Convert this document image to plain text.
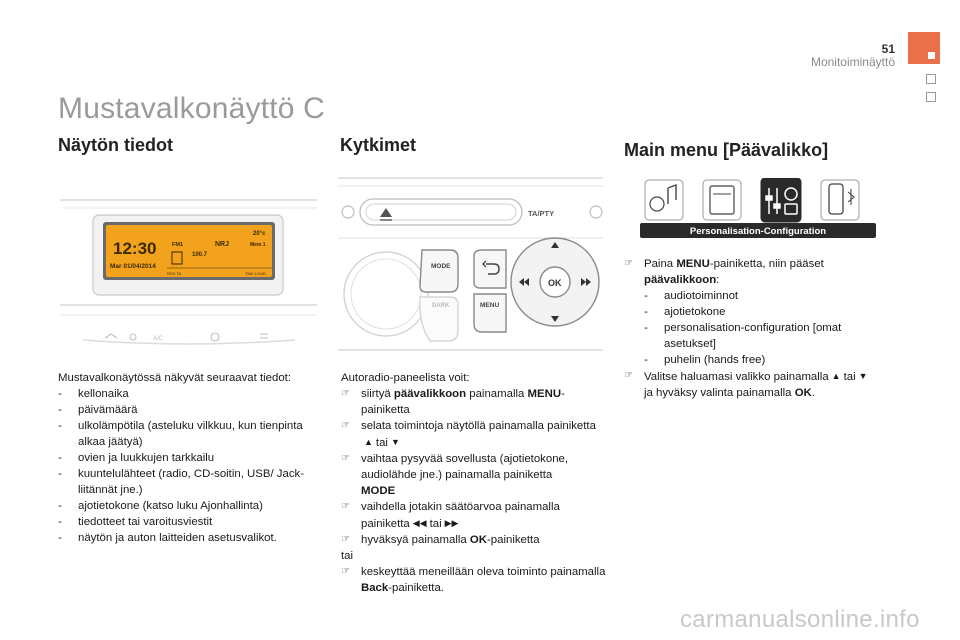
51
Monitoiminäyttö
Mustavalkonäyttö C
Näytön tiedot
12:30
Mar 01/04/2014
20°c
FM1	NRJ	Mem 1
100.7
RDS TA	TMC LOUD
A/C

Mustavalkonäytössä näkyvät seuraavat tiedot:

- kellonaika
- päivämäärä
- ulkolämpötila (asteluku vilkkuu, kun tienpinta alkaa jäätyä)
- ovien ja luukkujen tarkkailu
- kuuntelulähteet (radio, CD-soitin, USB/ Jack-liitännät jne.)
- ajotietokone (katso luku Ajonhallinta)
- tiedotteet tai varoitusviestit
- näytön ja auton laitteiden asetusvalikot.
Kytkimet
TA/PTY
MODE
DARK	MENU
OK

Autoradio-paneelista voit:

☞ siirtyä päävalikkoon painamalla MENU-painiketta
☞ selata toimintoja näytöllä painamalla painiketta▲ tai ▼
☞ vaihtaa pysyvää sovellusta (ajotietokone, audiolähde jne.) painamalla painiketta
MODE
☞ vaihdella jotakin säätöarvoa painamalla painiketta ◀◀ tai ▶▶
☞ hyväksyä painamalla OK-painiketta

tai

☞ keskeyttää meneillään oleva toiminto painamalla Back-painiketta.
Main menu [Päävalikko]
Personalisation-Configuration
☞ Paina MENU-painiketta, niin pääset päävalikkoon:
- audiotoiminnot
- ajotietokone
- personalisation-configuration [omat asetukset]
- puhelin (hands free)
☞ Valitse haluamasi valikko painamalla ▲ tai ▼ja hyväksy valinta painamalla OK.
carmanualsonline.info
